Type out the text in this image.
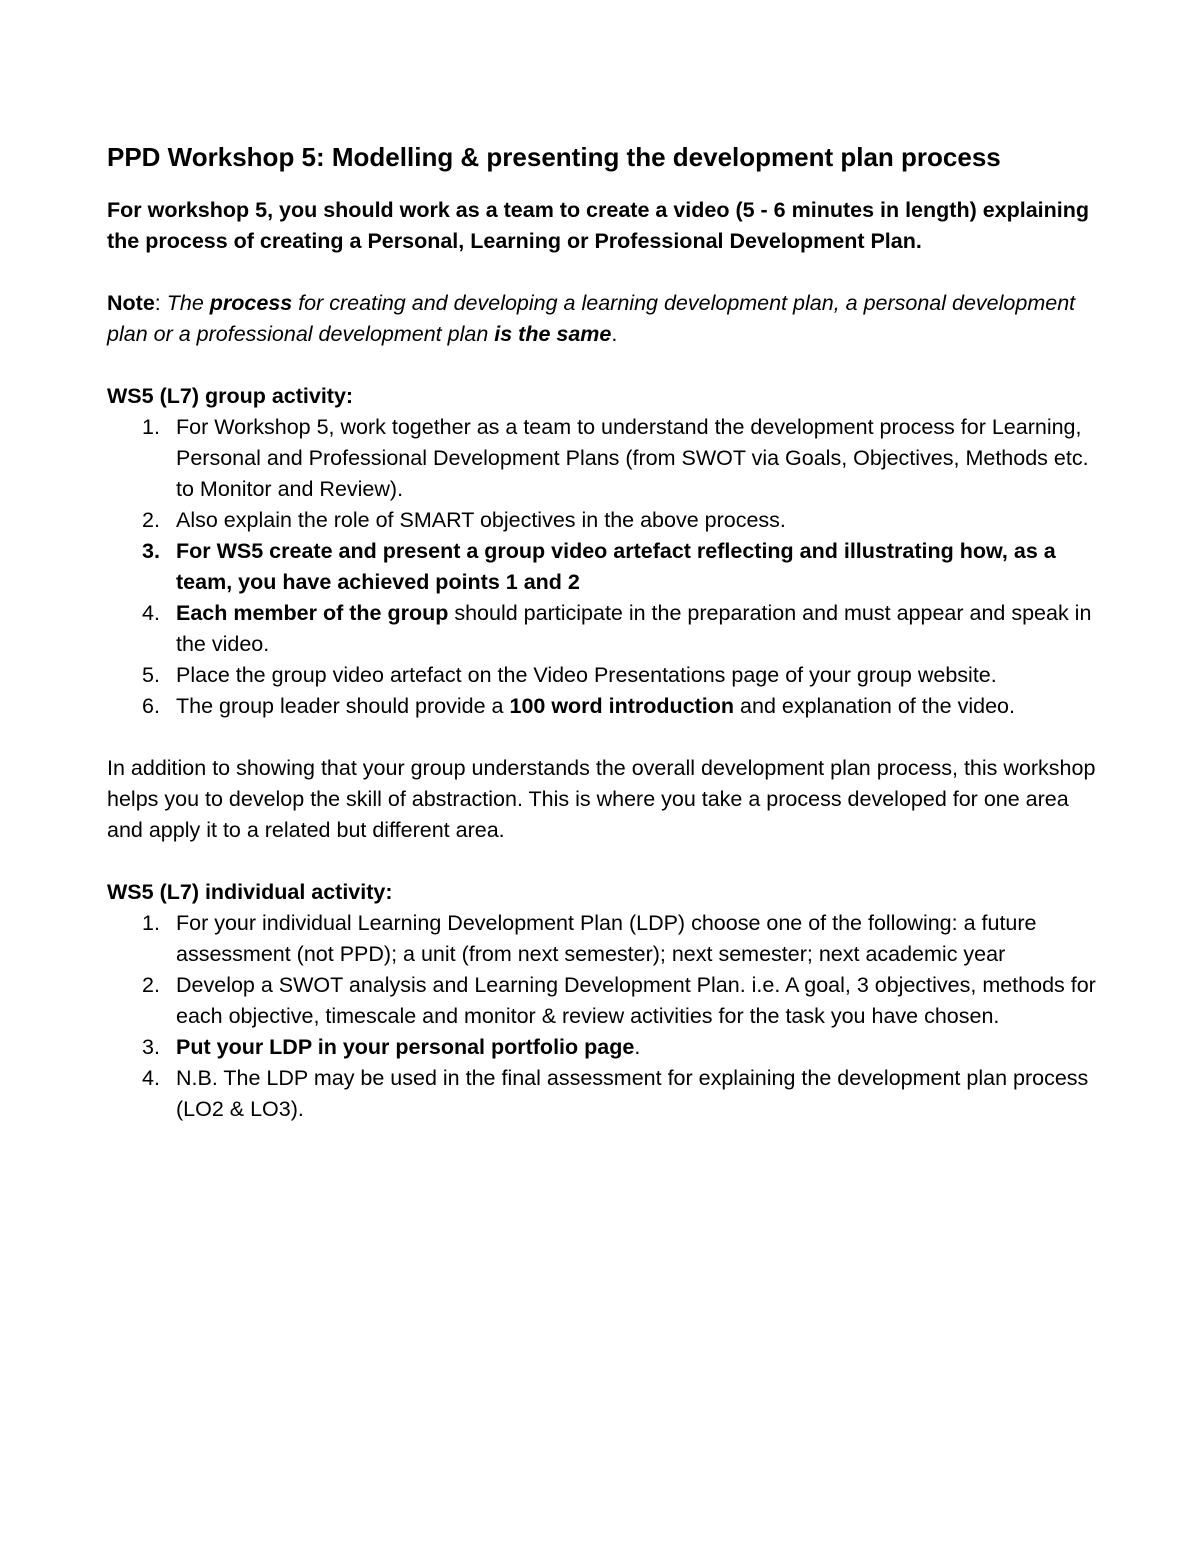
PPD Workshop 5: Modelling & presenting the development plan process

For workshop 5, you should work as a team to create a video (5 - 6 minutes in length) explaining the process of creating a Personal, Learning or Professional Development Plan.

Note: The process for creating and developing a learning development plan, a personal development plan or a professional development plan is the same.

WS5 (L7) group activity:

1. For Workshop 5, work together as a team to understand the development process for Learning, Personal and Professional Development Plans (from SWOT via Goals, Objectives, Methods etc. to Monitor and Review).
2. Also explain the role of SMART objectives in the above process.
3. For WS5 create and present a group video artefact reflecting and illustrating how, as a team, you have achieved points 1 and 2
4. Each member of the group should participate in the preparation and must appear and speak in the video.
5. Place the group video artefact on the Video Presentations page of your group website.
6. The group leader should provide a 100 word introduction and explanation of the video.

In addition to showing that your group understands the overall development plan process, this workshop helps you to develop the skill of abstraction. This is where you take a process developed for one area and apply it to a related but different area.

WS5 (L7) individual activity:

1. For your individual Learning Development Plan (LDP) choose one of the following: a future assessment (not PPD); a unit (from next semester); next semester; next academic year
2. Develop a SWOT analysis and Learning Development Plan. i.e. A goal, 3 objectives, methods for each objective, timescale and monitor & review activities for the task you have chosen.
3. Put your LDP in your personal portfolio page.
4. N.B. The LDP may be used in the final assessment for explaining the development plan process (LO2 & LO3).
